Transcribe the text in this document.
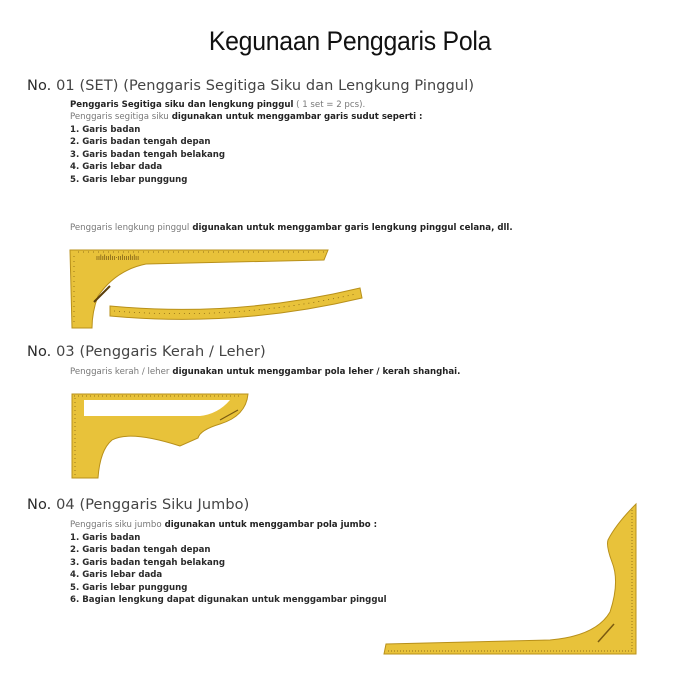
Kegunaan Penggaris Pola
No. 01 (SET) (Penggaris Segitiga Siku dan Lengkung Pinggul)
Penggaris Segitiga siku dan lengkung pinggul ( 1 set = 2 pcs).
Penggaris segitiga siku digunakan untuk menggambar garis sudut seperti :
1. Garis badan
2. Garis badan tengah depan
3. Garis badan tengah belakang
4. Garis lebar dada
5. Garis lebar punggung
Penggaris lengkung pinggul digunakan untuk menggambar garis lengkung pinggul celana, dll.
ıılılıılıı·ıılııılılıı
No. 03 (Penggaris Kerah / Leher)
Penggaris kerah / leher digunakan untuk menggambar pola leher / kerah shanghai.
No. 04 (Penggaris Siku Jumbo)
Penggaris siku jumbo digunakan untuk menggambar pola jumbo :
1. Garis badan
2. Garis badan tengah depan
3. Garis badan tengah belakang
4. Garis lebar dada
5. Garis lebar punggung
6. Bagian lengkung dapat digunakan untuk menggambar pinggul
